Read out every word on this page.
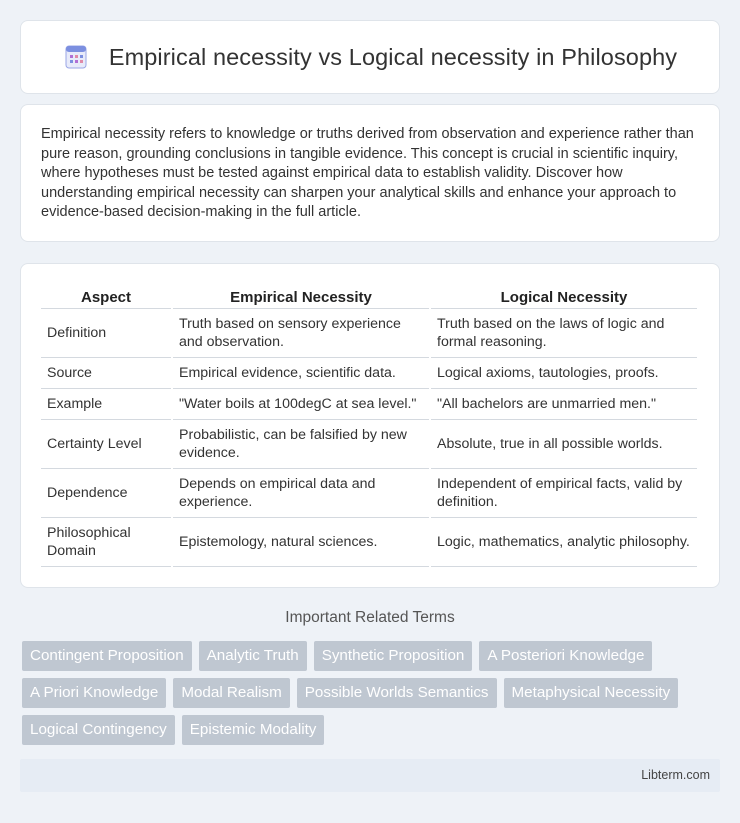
Empirical necessity vs Logical necessity in Philosophy

Empirical necessity refers to knowledge or truths derived from observation and experience rather than pure reason, grounding conclusions in tangible evidence. This concept is crucial in scientific inquiry, where hypotheses must be tested against empirical data to establish validity. Discover how understanding empirical necessity can sharpen your analytical skills and enhance your approach to evidence-based decision-making in the full article.

Aspect	Empirical Necessity	Logical Necessity
Definition	Truth based on sensory experience and observation.	Truth based on the laws of logic and formal reasoning.
Source	Empirical evidence, scientific data.	Logical axioms, tautologies, proofs.
Example	"Water boils at 100degC at sea level."	"All bachelors are unmarried men."
Certainty Level	Probabilistic, can be falsified by new evidence.	Absolute, true in all possible worlds.
Dependence	Depends on empirical data and experience.	Independent of empirical facts, valid by definition.
Philosophical Domain	Epistemology, natural sciences.	Logic, mathematics, analytic philosophy.
Important Related Terms
Contingent Proposition	Analytic Truth	Synthetic Proposition	A Posteriori Knowledge
A Priori Knowledge	Modal Realism	Possible Worlds Semantics	Metaphysical Necessity
Logical Contingency	Epistemic Modality
Libterm.com
